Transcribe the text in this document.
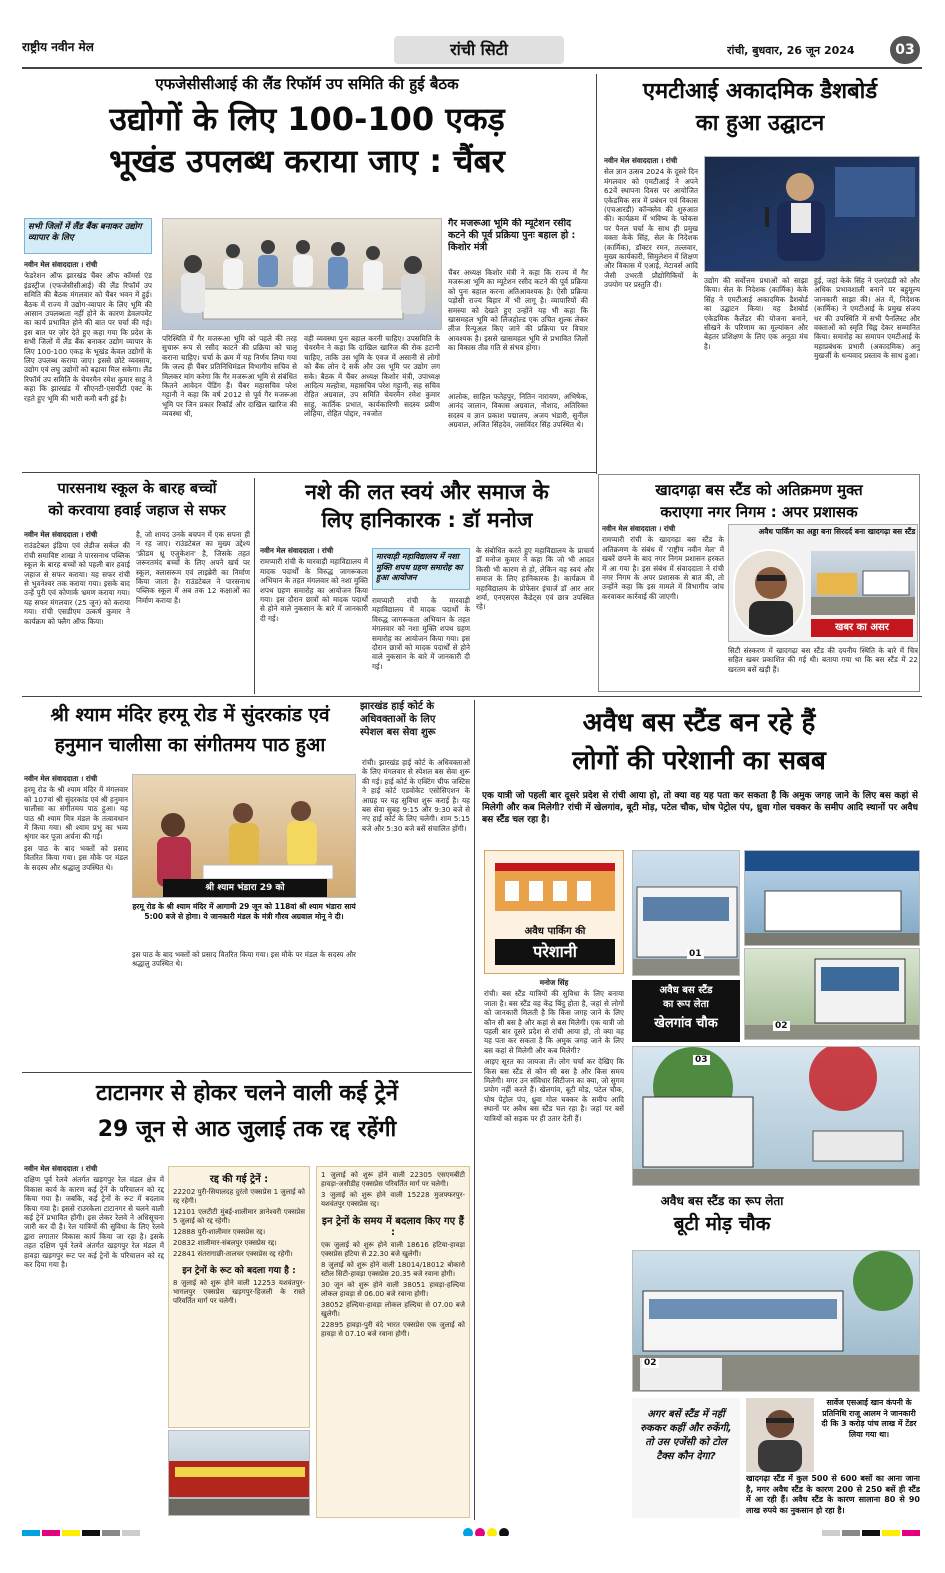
राष्ट्रीय नवीन मेल	रांची सिटी	रांची, बुधवार, 26 जून 2024	03
एफजेसीसीआई की लैंड रिफॉर्म उप समिति की हुई बैठक
उद्योगों के लिए 100-100 एकड़
भूखंड उपलब्ध कराया जाए : चैंबर
सभी जिलों में लैंड बैंक बनाकर उद्योग व्यापार के लिए

नवीन मेल संवाददाता । रांची

फेडरेशन ऑफ झारखंड चैंबर ऑफ कॉमर्स एंड इंडस्ट्रीज (एफजेसीसीआई) की लैंड रिफॉर्म उप समिति की बैठक मंगलवार को चैंबर भवन में हुई। बैठक में राज्य में उद्योग-व्यापार के लिए भूमि की आसान उपलब्धता नहीं होने के कारण डेवलपमेंट का कार्य प्रभावित होने की बात पर चर्चा की गई। इस बात पर ज़ोर देते हुए कहा गया कि प्रदेश के सभी जिलों में लैंड बैंक बनाकर उद्योग व्यापार के लिए 100-100 एकड़ के भूखंड केवल उद्योगों के लिए उपलब्ध कराया जाए। इससे छोटे व्यवसाय, उद्योग एवं लघु उद्योगों को बढ़ावा मिल सकेगा। लैंड रिफॉर्म उप समिति के चेयरमैन रमेश कुमार साहू ने कहा कि झारखंड में सीएनटी-एसपीटी एक्ट के रहते हुए भूमि की भारी कमी बनी हुई है।

परिस्थिति में गैर मजरूआ भूमि को पहले की तरह सुचारू रूप से रसीद काटने की प्रक्रिया को चालू कराना चाहिए। चर्चा के क्रम में यह निर्णय लिया गया कि जल्द ही चैंबर प्रतिनिधिमंडल विभागीय सचिव से मिलकर मांग करेगा कि गैर मजरूआ भूमि से संबंधित कितने आवेदन पेंडिंग हैं। चैंबर महासचिव परेश गट्टानी ने कहा कि वर्ष 2012 से पूर्व गैर मजरूआ भूमि पर जिन प्रकार रिकॉर्ड और दाखिल खारिज की व्यवस्था थी,
वही व्यवस्था पुनः बहाल करनी चाहिए। उपसमिति के चेयरमैन ने कहा कि दाखिल खारिज की रोक हटानी चाहिए, ताकि उस भूमि के एवज में असानी से लोगों को बैंक लोन दे सकें और उस भूमि पर उद्योग लग सके। बैठक में चैंबर अध्यक्ष किशोर मंत्री, उपाध्यक्ष आदित्य मल्होत्रा, महासचिव परेश गट्टानी, सह सचिव रोहित अग्रवाल, उप समिति चेयरमैन रमेश कुमार साहू, कार्तिक प्रभात, कार्यकारिणी सदस्य प्रवीण लोहिया, रोहित पोद्दार, नवजोत
गैर मजरूआ भूमि की म्यूटेशन रसीद कटने की पूर्व प्रक्रिया पुनः बहाल हो : किशोर मंत्री
चैंबर अध्यक्ष किशोर मंत्री ने कहा कि राज्य में गैर मजरूआ भूमि का म्यूटेशन रसीद कटने की पूर्व प्रक्रिया को पुनः बहाल करना अतिआवश्यक है। ऐसी प्रक्रिया पड़ोसी राज्य बिहार में भी लागू है। व्यापारियों की समस्या को देखते हुए उन्होंने यह भी कहा कि खासमहल भूमि को लिजहोल्ड एक उचित शुल्क लेकर लीज रिन्यूअल किए जाने की प्रक्रिया पर विचार आवश्यक है। इससे खासमहल भूमि से प्रभावित जिलों का विकास तीव्र गति से संभव होगा।
आलोक, साहिल फतेहपुर, नितिन नारायण, अभिषेक, आनंद जालान, विकास अग्रवाल, नौशाद, अतिरिक्त सदस्य व ज्ञान प्रकाश पद्मालय, अजय भंडारी, सुनील अग्रवाल, अजित सिंहदेव, जसविंदर सिंह उपस्थित थे।
एमटीआई अकादमिक डैशबोर्ड
का हुआ उद्घाटन

नवीन मेल संवाददाता । रांची

सेल ज्ञान उत्सव 2024 के दूसरे दिन मंगलवार को एमटीआई ने अपने 62वें स्थापना दिवस पर आयोजित एकेडमिक सत्र में प्रबंधन एवं विकास (एचआरडी) कॉन्क्लेव की शुरुआत की। कार्यक्रम में भविष्य के फोकस पर पैनल चर्चा के साथ ही प्रमुख वक्ता केके सिंह, सेल के निदेशक (कार्मिक), डॉक्टर रमन, तल्लवार, मुख्य कार्यकारी, सिमुलेशन में शिक्षण और विकास में एआई, मेटावर्स आदि जैसी उभरती प्रौद्योगिकियों के उपयोग पर प्रस्तुति दी।	उद्योग की सर्वोत्तम प्रथाओं को साझा किया। सेल के निदेशक (कार्मिक) केके सिंह ने एमटीआई अकादमिक डैशबोर्ड का उद्घाटन किया। यह डैशबोर्ड एकेडमिक कैलेंडर की योजना बनाने, सीखने के परिणाम का मूल्यांकन और बेहतर प्रशिक्षण के लिए एक अनूठा मंच है।
हुई, जहां केके सिंह ने एलएंडडी को और अधिक प्रभावशाली बनाने पर बहुमूल्य जानकारी साझा की। अंत में, निदेशक (कार्मिक) ने एमटीआई के प्रमुख संजय धर की उपस्थिति में सभी पैनलिस्ट और वक्ताओं को स्मृति चिह्न देकर सम्मानित किया। समारोह का समापन एमटीआई के महाप्रबंधक प्रभारी (अकादमिक) अनु मुखर्जी के धन्यवाद प्रस्ताव के साथ हुआ।
पारसनाथ स्कूल के बारह बच्चों
को करवाया हवाई जहाज से सफर

नवीन मेल संवाददाता । रांची

राउंडटेबल इंडिया एवं लेडीज सर्कल की रांची समाविष्ट शाखा ने पारसनाथ पब्लिक स्कूल के बारह बच्चों को पहली बार हवाई जहाज से सफर कराया। यह सफर रांची से भुवनेश्वर तक कराया गया। इसके बाद उन्हें पुरी एवं कोणार्क भ्रमण कराया गया। यह सफर मंगलवार (25 जून) को कराया गया। रांची एसडीएम उत्कर्ष कुमार ने कार्यक्रम को फ्लैग ऑफ किया।

है, जो शायद उनके बचपन में एक सपना ही न रह जाए। राउंडटेबल का मुख्य उद्देश्य 'फ्रीडम थ्रू एजुकेशन' है, जिसके तहत जरूरतमंद बच्चों के लिए अपने खर्च पर स्कूल, क्लासरूम एवं लाइब्रेरी का निर्माण किया जाता है। राउंडटेबल ने पारसनाथ पब्लिक स्कूल में अब तक 12 कक्षाओं का निर्माण कराया है।
नशे की लत स्वयं और समाज के
लिए हानिकारक : डॉ मनोज

नवीन मेल संवाददाता । रांची

रामप्यारी रांची के मारवाड़ी महाविद्यालय में मादक पदार्थों के विरुद्ध जागरूकता अभियान के तहत मंगलवार को नशा मुक्ति शपथ ग्रहण समारोह का आयोजन किया गया। इस दौरान छात्रों को मादक पदार्थों से होने वाले नुकसान के बारे में जानकारी दी गई।

मारवाड़ी महाविद्यालय में नशा मुक्ति शपथ ग्रहण समारोह का हुआ आयोजन
रामप्यारी रांची के मारवाड़ी महाविद्यालय में मादक पदार्थों के विरुद्ध जागरूकता अभियान के तहत मंगलवार को नशा मुक्ति शपथ ग्रहण समारोह का आयोजन किया गया। इस दौरान छात्रों को मादक पदार्थों से होने वाले नुकसान के बारे में जानकारी दी गई।
के संबोधित करते हुए महाविद्यालय के प्राचार्य डॉ मनोज कुमार ने कहा कि जो भी आदत किसी भी कारण से हो, लेकिन वह स्वयं और समाज के लिए हानिकारक है। कार्यक्रम में महाविद्यालय के प्रोफेसर इंचार्ज डॉ आर आर शर्मा, एनएसएस कैडेट्स एवं छात्र उपस्थित रहे।
खादगढ़ा बस स्टैंड को अतिक्रमण मुक्त
कराएगा नगर निगम : अपर प्रशासक

नवीन मेल संवाददाता । रांची

रामप्यारी रांची के खादगढ़ा बस स्टैंड के अतिक्रमण के संबंध में 'राष्ट्रीय नवीन मेल' में खबरें छपने के बाद नगर निगम प्रशासन हरकत में आ गया है। इस संबंध में संवाददाता ने रांची नगर निगम के अपर प्रशासक से बात की, तो उन्होंने कहा कि इस मामले में विभागीय जांच करवाकर कार्रवाई की जाएगी।

अवैध पार्किंग का अड्डा बना सिरदर्द बना खादगढ़ा बस स्टैंड
खबर का असर
सिटी संस्करण में खादगढ़ा बस स्टैंड की दयनीय स्थिति के बारे में चित्र सहित खबर प्रकाशित की गई थी। बताया गया था कि बस स्टैंड में 22 खरतम बसें खड़ी हैं।
श्री श्याम मंदिर हरमू रोड में सुंदरकांड एवं
हनुमान चालीसा का संगीतमय पाठ हुआ

नवीन मेल संवाददाता । रांची

हरमू रोड के श्री श्याम मंदिर में मंगलवार को 107वां श्री सुंदरकांड एवं श्री हनुमान चालीसा का संगीतमय पाठ हुआ। यह पाठ श्री श्याम मित्र मंडल के तत्वावधान में किया गया। श्री श्याम प्रभु का भव्य श्रृंगार कर पूजा अर्चना की गई।

इस पाठ के बाद भक्तों को प्रसाद वितरित किया गया। इस मौके पर मंडल के सदस्य और श्रद्धालु उपस्थित थे।

श्री श्याम भंडारा 29 को
हरमू रोड के श्री श्याम मंदिर में आगामी 29 जून को 118वां श्री श्याम भंडारा सायं 5:00 बजे से होगा। ये जानकारी मंडल के मंत्री गौरव अग्रवाल मोनू ने दी।
इस पाठ के बाद भक्तों को प्रसाद वितरित किया गया। इस मौके पर मंडल के सदस्य और श्रद्धालु उपस्थित थे।
झारखंड हाई कोर्ट के
अधिवक्ताओं के लिए
स्पेशल बस सेवा शुरू
रांची। झारखंड हाई कोर्ट के अधिवक्ताओं के लिए मंगलवार से स्पेशल बस सेवा शुरू की गई। हाई कोर्ट के एक्टिंग चीफ जस्टिस ने हाई कोर्ट एडवोकेट एसोसिएशन के आग्रह पर यह सुविधा शुरू कराई है। यह बस सेवा सुबह 9:15 और 9:30 बजे से नए हाई कोर्ट के लिए चलेगी। शाम 5:15 बजे और 5:30 बजे बसें संचालित होंगी।
अवैध बस स्टैंड बन रहे हैं
लोगों की परेशानी का सबब
एक यात्री जो पहली बार दूसरे प्रदेश से रांची आया हो, तो क्या वह यह पता कर सकता है कि अमुक जगह जाने के लिए बस कहां से मिलेगी और कब मिलेगी? रांची में खेलगांव, बूटी मोड़, पटेल चौक, घोष पेट्रोल पंप, ध्रुवा गोल चक्कर के समीप आदि स्थानों पर अवैध बस स्टैंड चल रहा है।
अवैध पार्किंग की
परेशानी

मनोज सिंह

रांची। बस स्टैंड यात्रियों की सुविधा के लिए बनाया जाता है। बस स्टैंड वह केंद्र बिंदु होता है, जहां से लोगों को जानकारी मिलती है कि किस जगह जाने के लिए कौन सी बस है और कहां से बस मिलेगी। एक यात्री जो पहली बार दूसरे प्रदेश से रांची आया हो, तो क्या वह यह पता कर सकता है कि अमुक जगह जाने के लिए बस कहां से मिलेगी और कब मिलेगी?

आइए सूरत का जायजा लें। लोग चर्चा कर देखिए कि किस बस स्टैंड से कौन सी बस है और किस समय मिलेगी। मगर उन संविधार सिटीजन का क्या, जो सुगम प्रयोग नहीं करते हैं। खेलगांव, बूटी मोड़, पटेल चौक, घोष पेट्रोल पंप, ध्रुवा गोल चक्कर के समीप आदि स्थानों पर अवैध बस स्टैंड चल रहा है। जहां पर बसें यात्रियों को सड़क पर ही उतार देती हैं।

01
02
अवैध बस स्टैंड
का रूप लेता
खेलगांव चौक
03
अवैध बस स्टैंड का रूप लेता
बूटी मोड़ चौक
02
अगर बसें स्टैंड में नहीं रुककर कहीं और रुकेंगी, तो उस एजेंसी को टोल टैक्स कौन देगा?
सावेंज एसआई खान कंपनी के प्रतिनिधि राजू आलम ने जानकारी दी कि 3 करोड़ पांच लाख में टेंडर लिया गया था।
खादगढ़ा स्टैंड में कुल 500 से 600 बसों का आना जाना है, मगर अवैध स्टैंड के कारण 200 से 250 बसें ही स्टैंड में आ रही हैं। अवैध स्टैंड के कारण सालाना 80 से 90 लाख रुपये का नुकसान हो रहा है।
टाटानगर से होकर चलने वाली कई ट्रेनें
29 जून से आठ जुलाई तक रद्द रहेंगी

नवीन मेल संवाददाता । रांची

दक्षिण पूर्व रेलवे अंतर्गत खड़गपुर रेल मंडल क्षेत्र में विकास कार्य के कारण कई ट्रेनें के परिचालन को रद्द किया गया है। जबकि, कई ट्रेनों के रूट में बदलाव किया गया है। इससे राउरकेला टाटानगर से चलने वाली कई ट्रेनें प्रभावित होंगी। इस लेकर रेलवे ने अधिसूचना जारी कर दी है। रेल यात्रियों की सुविधा के लिए रेलवे द्वारा लगातार विकास कार्य किया जा रहा है। इसके तहत दक्षिण पूर्व रेलवे अंतर्गत खड़गपुर रेल मंडल में हावड़ा खड़गपुर रूट पर कई ट्रेनों के परिचालन को रद्द कर दिया गया है।

रद्द की गई ट्रेनें :

22202 पुरी-सियालदह दुरंतो एक्सप्रेस 1 जुलाई को रद्द रहेगी।

12101 एलटीटी मुंबई-शालीमार ज्ञानेश्वरी एक्सप्रेस 5 जुलाई को रद्द रहेगी।

12888 पुरी-शालीमार एक्सप्रेस रद्द।

20832 शालीमार-संबलपुर एक्सप्रेस रद्द।

22841 संतरागाछी-तालचर एक्सप्रेस रद्द रहेगी।

इन ट्रेनों के रूट को बदला गया है :

8 जुलाई को शुरू होने वाली 12253 यशवंतपुर-भागलपुर एक्सप्रेस खड़गपुर-हिजली के रास्ते परिवर्तित मार्ग पर चलेगी।

1 जुलाई को शुरू होने वाली 22305 एसएमबीटी हावड़ा-जसीडीह एक्सप्रेस परिवर्तित मार्ग पर चलेगी।

3 जुलाई को शुरू होने वाली 15228 मुजफ्फरपुर-यशवंतपुर एक्सप्रेस रद्द।

इन ट्रेनों के समय में बदलाव किए गए हैं :

एक जुलाई को शुरू होने वाली 18616 हटिया-हावड़ा एक्सप्रेस हटिया से 22.30 बजे खुलेगी।

8 जुलाई को शुरू होने वाली 18014/18012 बोकारो स्टील सिटी-हावड़ा एक्सप्रेस 20.35 बजे रवाना होगी।

30 जून को शुरू होने वाली 38051 हावड़ा-हल्दिया लोकल हावड़ा से 06.00 बजे रवाना होगी।

38052 हल्दिया-हावड़ा लोकल हल्दिया से 07.00 बजे खुलेगी।

22895 हावड़ा-पुरी वंदे भारत एक्सप्रेस एक जुलाई को हावड़ा से 07.10 बजे रवाना होगी।
